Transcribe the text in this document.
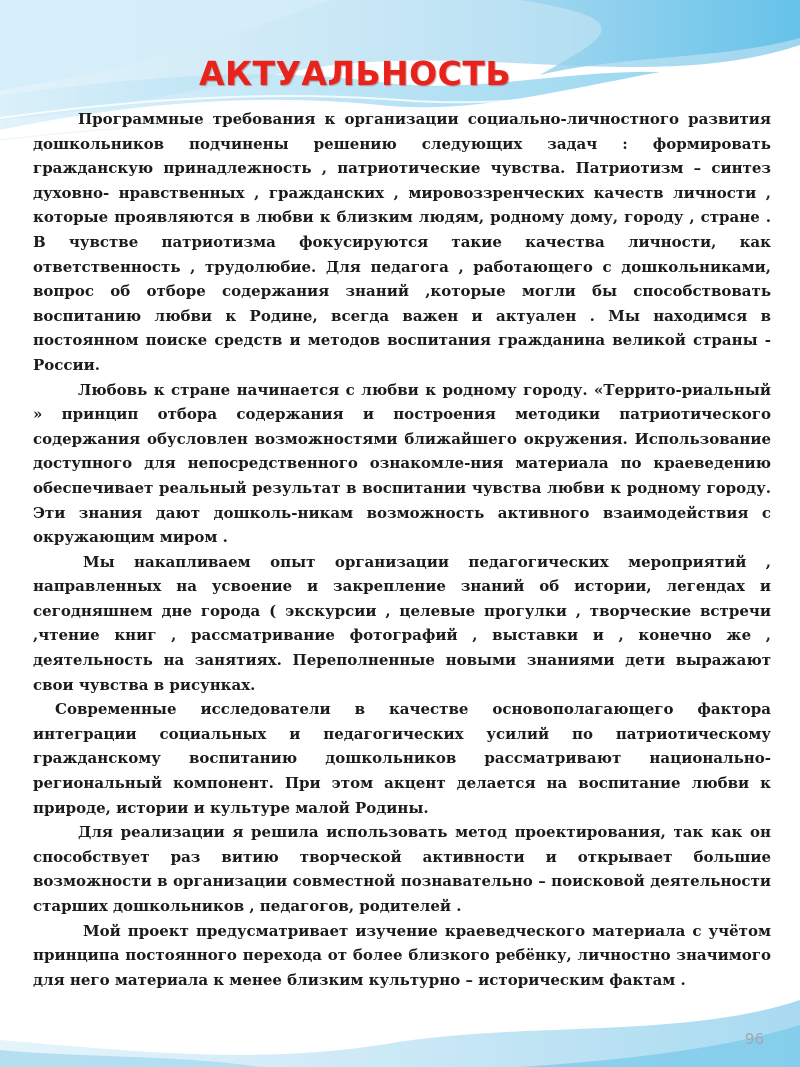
АКТУАЛЬНОСТЬ

Программные требования к организации социально-личностного развития дошкольников подчинены решению следующих задач : формировать гражданскую принадлежность , патриотические чувства. Патриотизм – синтез духовно- нравственных , гражданских , мировоззренческих качеств личности , которые проявляются в любви к близким людям, родному дому, городу , стране . В чувстве патриотизма фокусируются такие качества личности, как ответственность , трудолюбие. Для педагога , работающего с дошкольниками, вопрос об отборе содержания знаний ,которые могли бы способствовать воспитанию любви к Родине, всегда важен и актуален . Мы находимся в постоянном поиске средств и методов воспитания гражданина великой страны - России.

Любовь к стране начинается с любви к родному городу. «Террито-риальный » принцип отбора содержания и построения методики патриотического содержания обусловлен возможностями ближайшего окружения. Использование доступного для непосредственного ознакомле-ния материала по краеведению обеспечивает реальный результат в воспитании чувства любви к родному городу. Эти знания дают дошколь-никам возможность активного взаимодействия с окружающим миром .

Мы накапливаем опыт организации педагогических мероприятий , направленных на усвоение и закрепление знаний об истории, легендах и сегодняшнем дне города ( экскурсии , целевые прогулки , творческие встречи ,чтение книг , рассматривание фотографий , выставки и , конечно же , деятельность на занятиях. Переполненные новыми знаниями дети выражают свои чувства в рисунках.

Современные исследователи в качестве основополагающего фактора интеграции социальных и педагогических усилий по патриотическому гражданскому воспитанию дошкольников рассматривают национально-региональный компонент. При этом акцент делается на воспитание любви к природе, истории и культуре малой Родины.

Для реализации я решила использовать метод проектирования, так как он способствует раз витию творческой активности и открывает большие возможности в организации совместной познавательно – поисковой деятельности старших дошкольников , педагогов, родителей .

Мой проект предусматривает изучение краеведческого материала с учётом принципа постоянного перехода от более близкого ребёнку, личностно значимого для него материала к менее близким культурно – историческим фактам .

96
